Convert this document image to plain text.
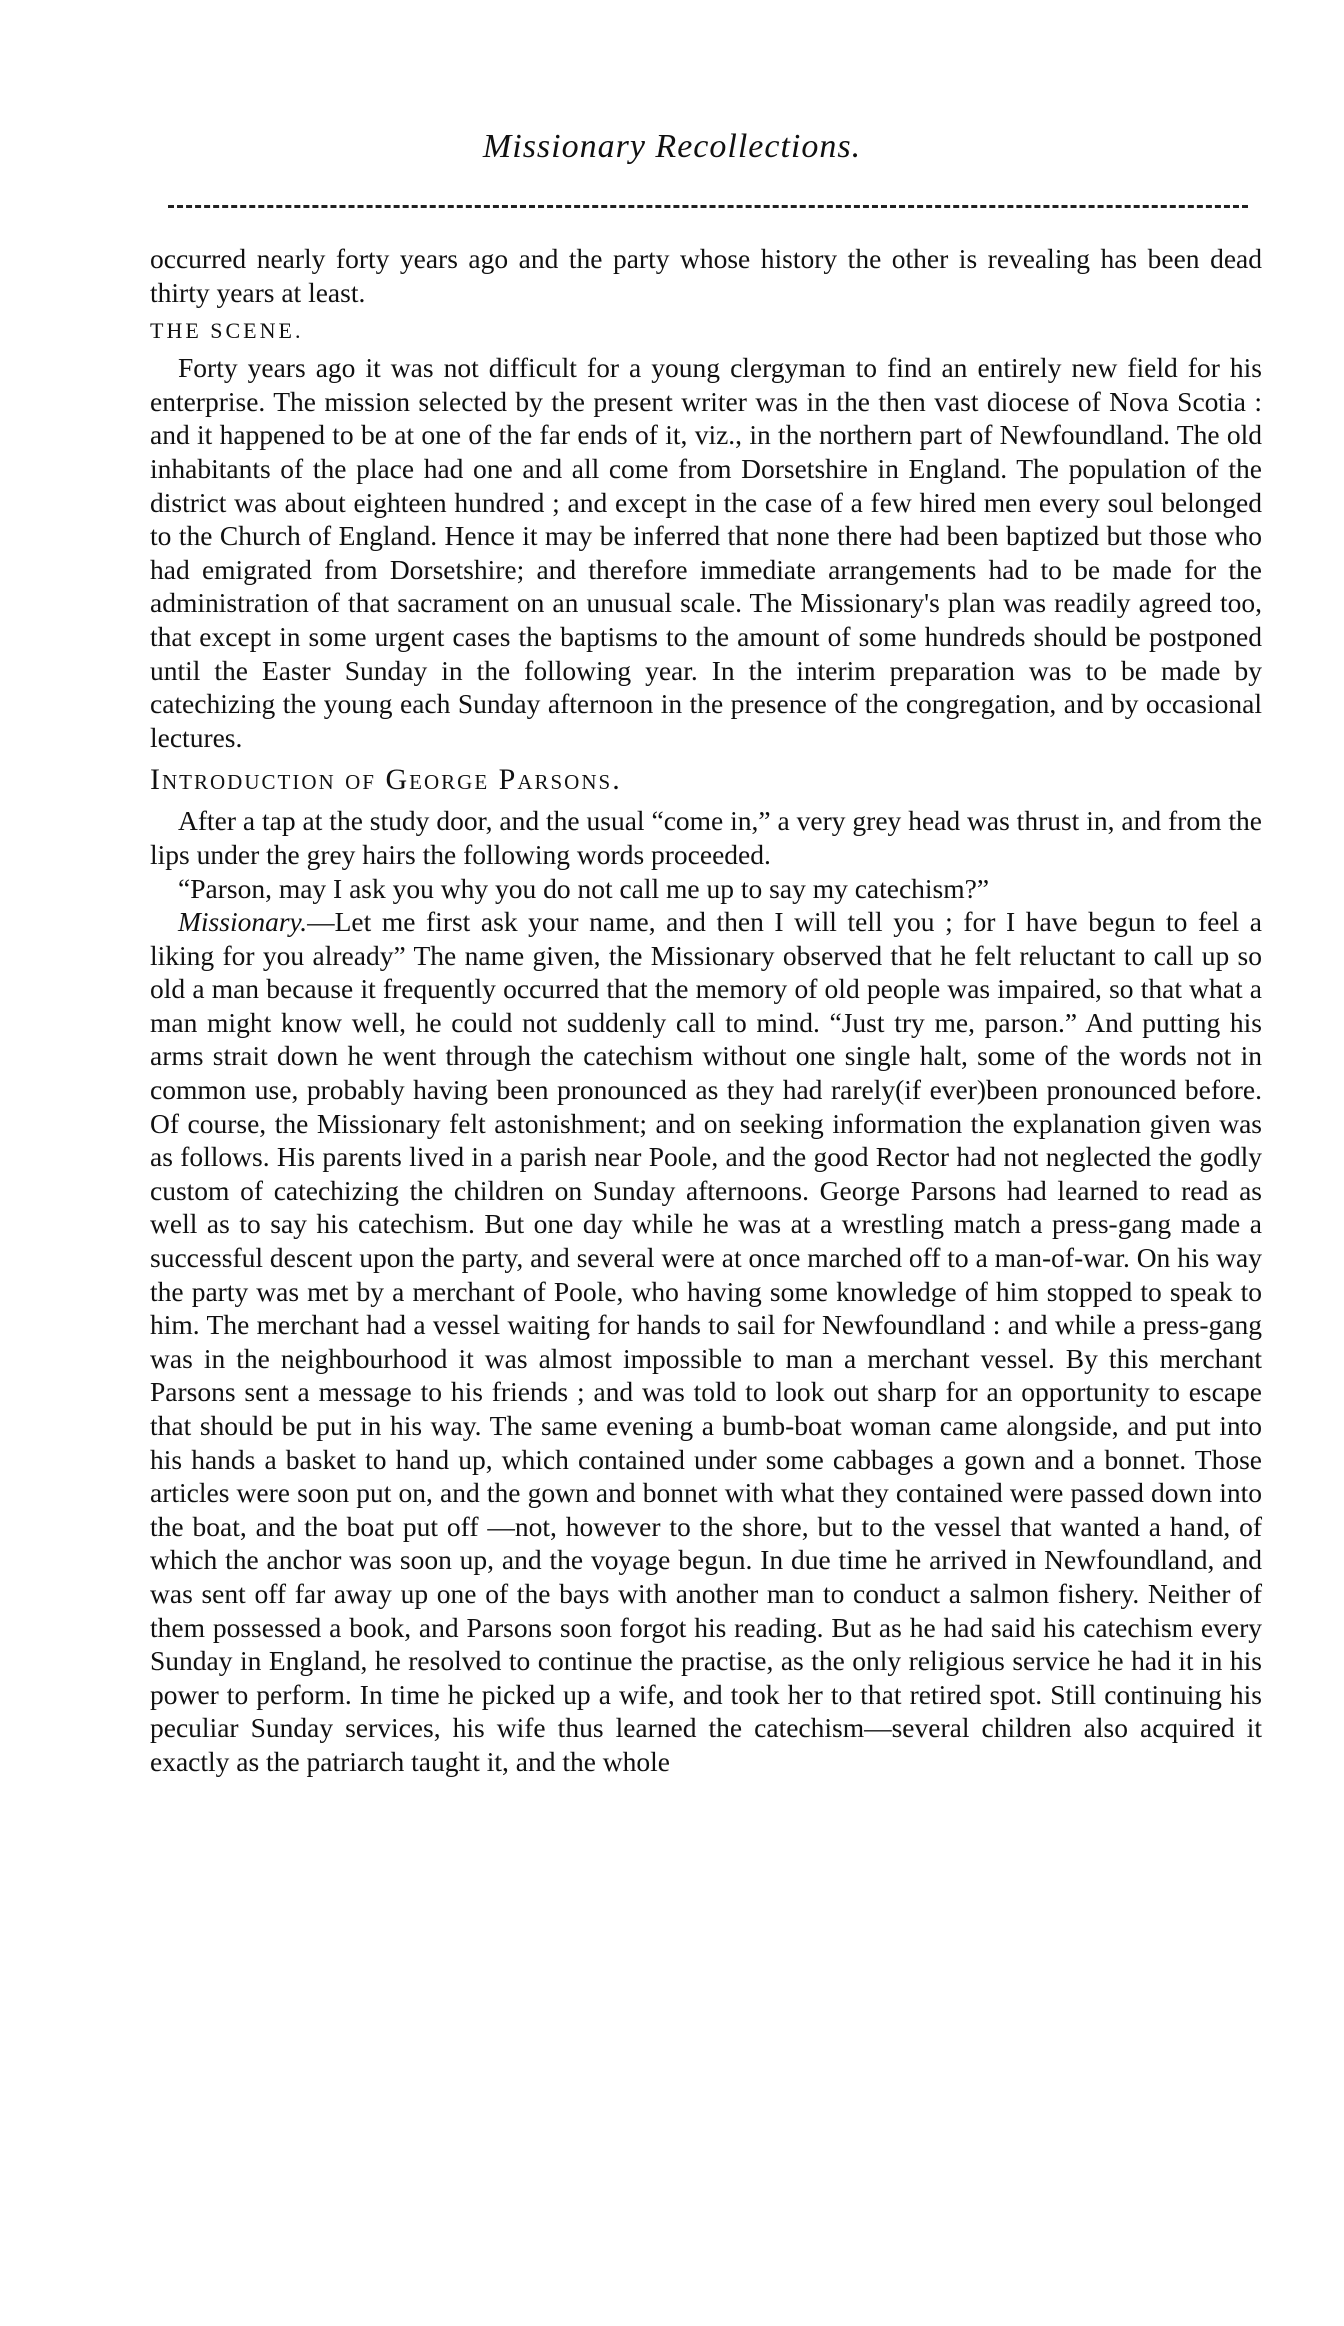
Missionary Recollections.

occurred nearly forty years ago and the party whose history the other is revealing has been dead thirty years at least.

THE SCENE.

Forty years ago it was not difficult for a young clergyman to find an entirely new field for his enterprise. The mission selected by the present writer was in the then vast diocese of Nova Scotia : and it happened to be at one of the far ends of it, viz., in the northern part of Newfoundland. The old inhabitants of the place had one and all come from Dorsetshire in England. The population of the district was about eighteen hundred ; and except in the case of a few hired men every soul belonged to the Church of England. Hence it may be inferred that none there had been baptized but those who had emigrated from Dorsetshire; and therefore immediate arrangements had to be made for the administration of that sacrament on an unusual scale. The Missionary's plan was readily agreed too, that except in some urgent cases the baptisms to the amount of some hundreds should be postponed until the Easter Sunday in the following year. In the interim preparation was to be made by catechizing the young each Sunday afternoon in the presence of the congregation, and by occasional lectures.

Introduction of George Parsons.

After a tap at the study door, and the usual “come in,” a very grey head was thrust in, and from the lips under the grey hairs the following words proceeded.

“Parson, may I ask you why you do not call me up to say my catechism?”

Missionary.—Let me first ask your name, and then I will tell you ; for I have begun to feel a liking for you already” The name given, the Missionary observed that he felt reluctant to call up so old a man because it frequently occurred that the memory of old people was impaired, so that what a man might know well, he could not suddenly call to mind. “Just try me, parson.” And putting his arms strait down he went through the catechism without one single halt, some of the words not in common use, probably having been pronounced as they had rarely(if ever)been pronounced before. Of course, the Missionary felt astonishment; and on seeking information the explanation given was as follows. His parents lived in a parish near Poole, and the good Rector had not neglected the godly custom of catechizing the children on Sunday afternoons. George Parsons had learned to read as well as to say his catechism. But one day while he was at a wrestling match a press-gang made a successful descent upon the party, and several were at once marched off to a man-of-war. On his way the party was met by a merchant of Poole, who having some knowledge of him stopped to speak to him. The merchant had a vessel waiting for hands to sail for Newfoundland : and while a press-gang was in the neighbourhood it was almost impossible to man a merchant vessel. By this merchant Parsons sent a message to his friends ; and was told to look out sharp for an opportunity to escape that should be put in his way. The same evening a bumb-boat woman came alongside, and put into his hands a basket to hand up, which contained under some cabbages a gown and a bonnet. Those articles were soon put on, and the gown and bonnet with what they contained were passed down into the boat, and the boat put off —not, however to the shore, but to the vessel that wanted a hand, of which the anchor was soon up, and the voyage begun. In due time he arrived in Newfoundland, and was sent off far away up one of the bays with another man to conduct a salmon fishery. Neither of them possessed a book, and Parsons soon forgot his reading. But as he had said his catechism every Sunday in England, he resolved to continue the practise, as the only religious service he had it in his power to perform. In time he picked up a wife, and took her to that retired spot. Still continuing his peculiar Sunday services, his wife thus learned the catechism—several children also acquired it exactly as the patriarch taught it, and the whole
